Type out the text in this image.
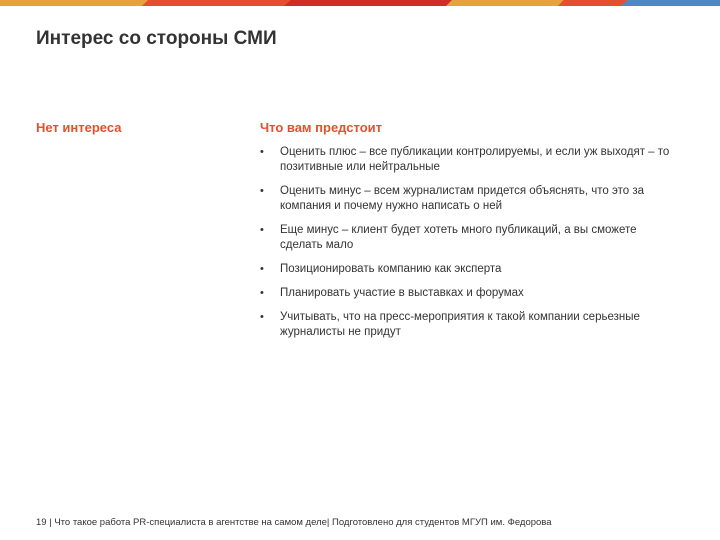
Интерес со стороны СМИ
Нет интереса	Что вам предстоит
• Оценить плюс – все публикации контролируемы, и если уж выходят – то позитивные или нейтральные
• Оценить минус – всем журналистам придется объяснять, что это за компания и почему нужно написать о ней
• Еще минус – клиент будет хотеть много публикаций, а вы сможете сделать мало
• Позиционировать компанию как эксперта
• Планировать участие в выставках и форумах
• Учитывать, что на пресс-мероприятия к такой компании серьезные журналисты не придут
19 | Что такое работа PR-специалиста в агентстве на самом деле| Подготовлено для студентов МГУП им. Федорова
